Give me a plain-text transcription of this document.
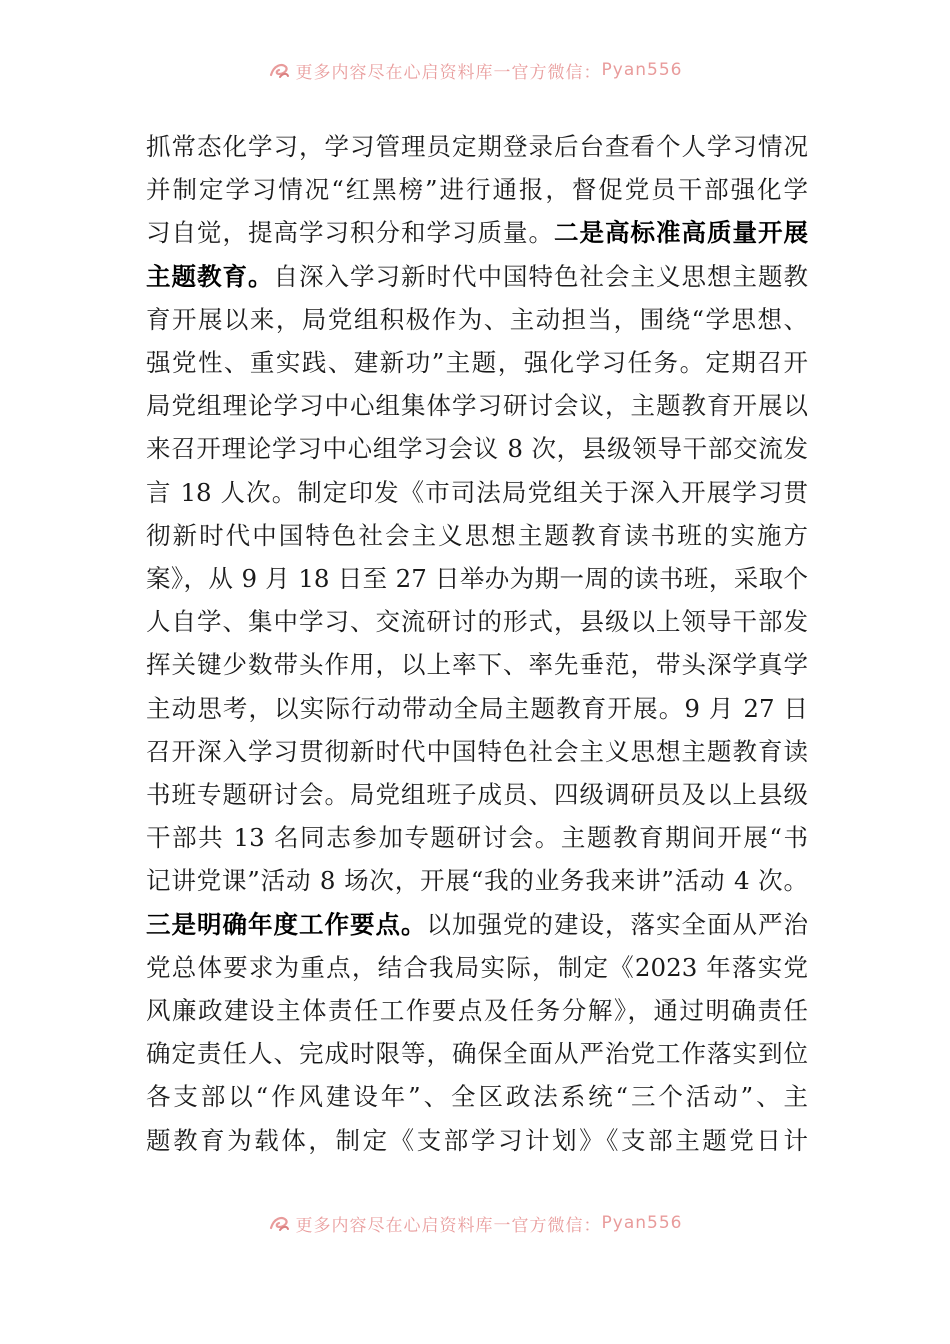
更多内容尽在心启资料库一官方微信： Pyan556
抓常态化学习，学习管理员定期登录后台查看个人学习情况
并制定学习情况“红黑榜”进行通报，督促党员干部强化学
习自觉，提高学习积分和学习质量。二是高标准高质量开展
主题教育。自深入学习新时代中国特色社会主义思想主题教
育开展以来，局党组积极作为、主动担当，围绕“学思想、
强党性、重实践、建新功”主题，强化学习任务。定期召开
局党组理论学习中心组集体学习研讨会议，主题教育开展以
来召开理论学习中心组学习会议 8 次，县级领导干部交流发
言 18 人次。制定印发《市司法局党组关于深入开展学习贯
彻新时代中国特色社会主义思想主题教育读书班的实施方
案》，从 9 月 18 日至 27 日举办为期一周的读书班，采取个
人自学、集中学习、交流研讨的形式，县级以上领导干部发
挥关键少数带头作用，以上率下、率先垂范，带头深学真学
主动思考，以实际行动带动全局主题教育开展。9 月 27 日
召开深入学习贯彻新时代中国特色社会主义思想主题教育读
书班专题研讨会。局党组班子成员、四级调研员及以上县级
干部共 13 名同志参加专题研讨会。主题教育期间开展“书
记讲党课”活动 8 场次，开展“我的业务我来讲”活动 4 次。
三是明确年度工作要点。以加强党的建设，落实全面从严治
党总体要求为重点，结合我局实际，制定《2023 年落实党
风廉政建设主体责任工作要点及任务分解》，通过明确责任
确定责任人、完成时限等，确保全面从严治党工作落实到位
各支部以“作风建设年”、全区政法系统“三个活动”、主
题教育为载体，制定《支部学习计划》《支部主题党日计
更多内容尽在心启资料库一官方微信： Pyan556
